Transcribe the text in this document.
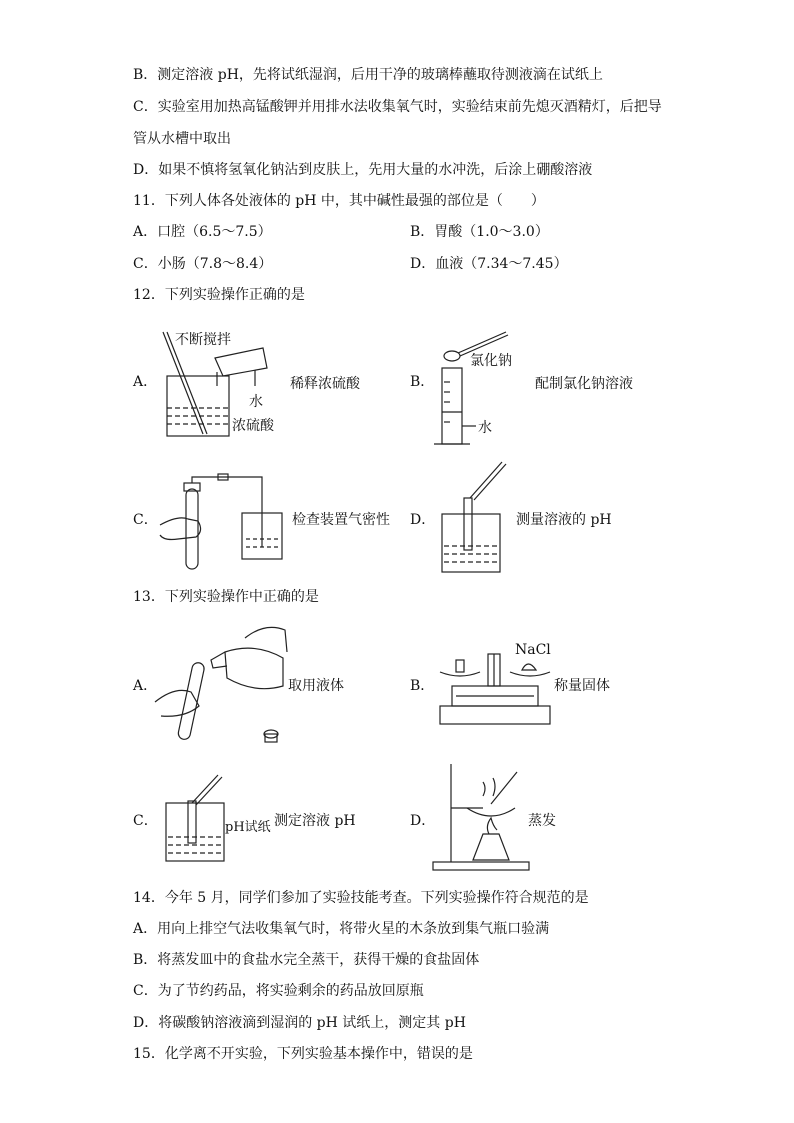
B．测定溶液 pH，先将试纸湿润，后用干净的玻璃棒蘸取待测液滴在试纸上
C．实验室用加热高锰酸钾并用排水法收集氧气时，实验结束前先熄灭酒精灯，后把导
管从水槽中取出
D．如果不慎将氢氧化钠沾到皮肤上，先用大量的水冲洗，后涂上硼酸溶液
11．下列人体各处液体的 pH 中，其中碱性最强的部位是（　　）
A．口腔（6.5～7.5）	B．胃酸（1.0～3.0）
C．小肠（7.8～8.4）	D．血液（7.34～7.45）
12．下列实验操作正确的是
A．
不断搅拌
水
浓硫酸
稀释浓硫酸	B．
氯化钠
水
配制氯化钠溶液
C．	检查装置气密性 D．	测量溶液的 pH
13．下列实验操作中正确的是
A．	取用液体	B．
NaCl
称量固体
C．	pH试纸 测定溶液 pH	D．	蒸发
14．今年 5 月，同学们参加了实验技能考查。下列实验操作符合规范的是
A．用向上排空气法收集氧气时，将带火星的木条放到集气瓶口验满
B．将蒸发皿中的食盐水完全蒸干，获得干燥的食盐固体
C．为了节约药品，将实验剩余的药品放回原瓶
D．将碳酸钠溶液滴到湿润的 pH 试纸上，测定其 pH
15．化学离不开实验，下列实验基本操作中，错误的是
